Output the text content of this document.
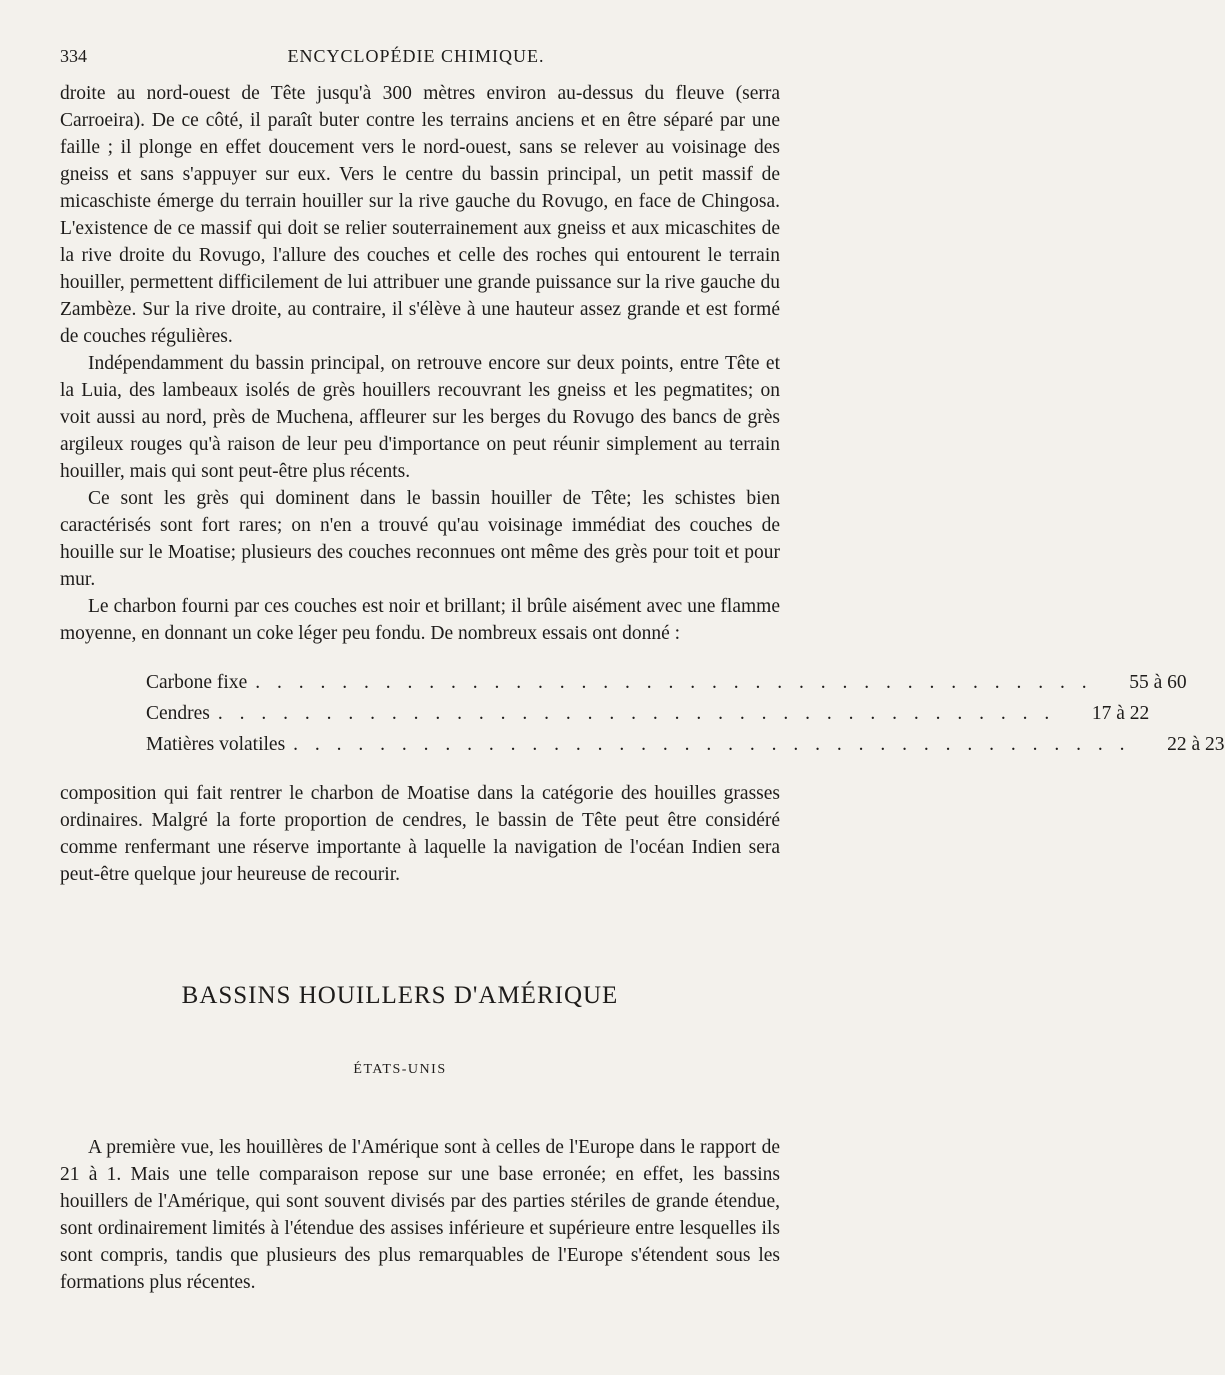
334	ENCYCLOPÉDIE CHIMIQUE.

droite au nord-ouest de Tête jusqu'à 300 mètres environ au-dessus du fleuve (serra Carroeira). De ce côté, il paraît buter contre les terrains anciens et en être séparé par une faille ; il plonge en effet doucement vers le nord-ouest, sans se relever au voisinage des gneiss et sans s'appuyer sur eux. Vers le centre du bassin principal, un petit massif de micaschiste émerge du terrain houiller sur la rive gauche du Rovugo, en face de Chingosa. L'existence de ce massif qui doit se relier souterrainement aux gneiss et aux micaschites de la rive droite du Rovugo, l'allure des couches et celle des roches qui entourent le terrain houiller, permettent difficilement de lui attribuer une grande puissance sur la rive gauche du Zambèze. Sur la rive droite, au contraire, il s'élève à une hauteur assez grande et est formé de couches régulières.

Indépendamment du bassin principal, on retrouve encore sur deux points, entre Tête et la Luia, des lambeaux isolés de grès houillers recouvrant les gneiss et les pegmatites; on voit aussi au nord, près de Muchena, affleurer sur les berges du Rovugo des bancs de grès argileux rouges qu'à raison de leur peu d'importance on peut réunir simplement au terrain houiller, mais qui sont peut-être plus récents.

Ce sont les grès qui dominent dans le bassin houiller de Tête; les schistes bien caractérisés sont fort rares; on n'en a trouvé qu'au voisinage immédiat des couches de houille sur le Moatise; plusieurs des couches reconnues ont même des grès pour toit et pour mur.

Le charbon fourni par ces couches est noir et brillant; il brûle aisément avec une flamme moyenne, en donnant un coke léger peu fondu. De nombreux essais ont donné :

Carbone fixe . . . . . . . . . . . . . . . . . . . . . . . . . . . . . . . . . . . . . . .	55 à 60
Cendres . . . . . . . . . . . . . . . . . . . . . . . . . . . . . . . . . . . . . . .	17 à 22
Matières volatiles . . . . . . . . . . . . . . . . . . . . . . . . . . . . . . . . . . . . . . .	22 à 23

composition qui fait rentrer le charbon de Moatise dans la catégorie des houilles grasses ordinaires. Malgré la forte proportion de cendres, le bassin de Tête peut être considéré comme renfermant une réserve importante à laquelle la navigation de l'océan Indien sera peut-être quelque jour heureuse de recourir.

BASSINS HOUILLERS D'AMÉRIQUE
ÉTATS-UNIS

A première vue, les houillères de l'Amérique sont à celles de l'Europe dans le rapport de 21 à 1. Mais une telle comparaison repose sur une base erronée; en effet, les bassins houillers de l'Amérique, qui sont souvent divisés par des parties stériles de grande étendue, sont ordinairement limités à l'étendue des assises inférieure et supérieure entre lesquelles ils sont compris, tandis que plusieurs des plus remarquables de l'Europe s'étendent sous les formations plus récentes.
